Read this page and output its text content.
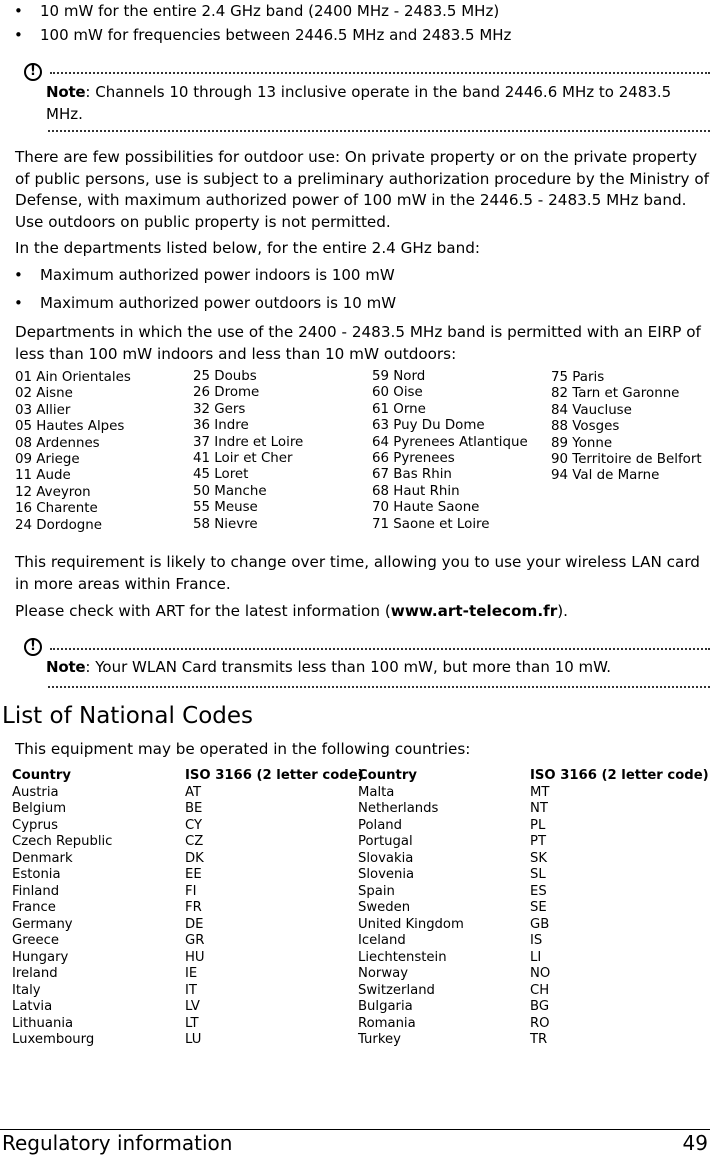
• 10 mW for the entire 2.4 GHz band (2400 MHz - 2483.5 MHz)
• 100 mW for frequencies between 2446.5 MHz and 2483.5 MHz
!
Note: Channels 10 through 13 inclusive operate in the band 2446.6 MHz to 2483.5 MHz.
There are few possibilities for outdoor use: On private property or on the private property of public persons, use is subject to a preliminary authorization procedure by the Ministry of Defense, with maximum authorized power of 100 mW in the 2446.5 - 2483.5 MHz band. Use outdoors on public property is not permitted.
In the departments listed below, for the entire 2.4 GHz band:
• Maximum authorized power indoors is 100 mW
• Maximum authorized power outdoors is 10 mW
Departments in which the use of the 2400 - 2483.5 MHz band is permitted with an EIRP of less than 100 mW indoors and less than 10 mW outdoors:
01 Ain Orientales
02 Aisne
03 Allier
05 Hautes Alpes
08 Ardennes
09 Ariege
11 Aude
12 Aveyron
16 Charente
24 Dordogne
25 Doubs
26 Drome
32 Gers
36 Indre
37 Indre et Loire
41 Loir et Cher
45 Loret
50 Manche
55 Meuse
58 Nievre
59 Nord
60 Oise
61 Orne
63 Puy Du Dome
64 Pyrenees Atlantique
66 Pyrenees
67 Bas Rhin
68 Haut Rhin
70 Haute Saone
71 Saone et Loire
75 Paris
82 Tarn et Garonne
84 Vaucluse
88 Vosges
89 Yonne
90 Territoire de Belfort
94 Val de Marne
This requirement is likely to change over time, allowing you to use your wireless LAN card in more areas within France.
Please check with ART for the latest information (www.art-telecom.fr).
!
Note: Your WLAN Card transmits less than 100 mW, but more than 10 mW.
List of National Codes
This equipment may be operated in the following countries:
Country
Austria
Belgium
Cyprus
Czech Republic
Denmark
Estonia
Finland
France
Germany
Greece
Hungary
Ireland
Italy
Latvia
Lithuania
Luxembourg
ISO 3166 (2 letter code)
AT
BE
CY
CZ
DK
EE
FI
FR
DE
GR
HU
IE
IT
LV
LT
LU
Country
Malta
Netherlands
Poland
Portugal
Slovakia
Slovenia
Spain
Sweden
United Kingdom
Iceland
Liechtenstein
Norway
Switzerland
Bulgaria
Romania
Turkey
ISO 3166 (2 letter code)
MT
NT
PL
PT
SK
SL
ES
SE
GB
IS
LI
NO
CH
BG
RO
TR
Regulatory information	49
